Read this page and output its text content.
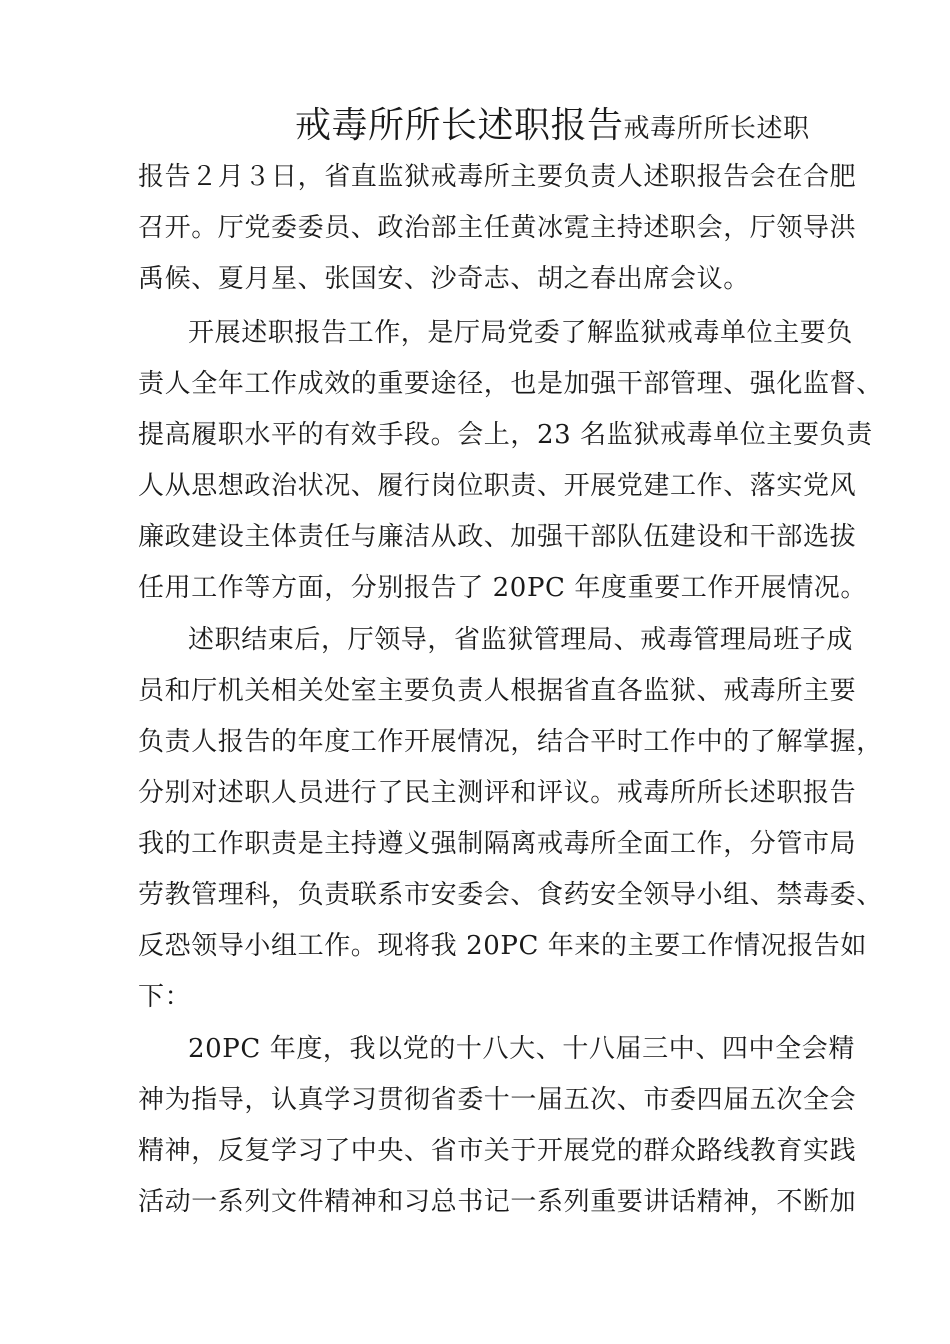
戒毒所所长述职报告戒毒所所长述职
报告２月３日，省直监狱戒毒所主要负责人述职报告会在合肥
召开。厅党委委员、政治部主任黄冰霓主持述职会，厅领导洪
禹候、夏月星、张国安、沙奇志、胡之春出席会议。
开展述职报告工作，是厅局党委了解监狱戒毒单位主要负
责人全年工作成效的重要途径，也是加强干部管理、强化监督、
提高履职水平的有效手段。会上，23 名监狱戒毒单位主要负责
人从思想政治状况、履行岗位职责、开展党建工作、落实党风
廉政建设主体责任与廉洁从政、加强干部队伍建设和干部选拔
任用工作等方面，分别报告了 20PC 年度重要工作开展情况。
述职结束后，厅领导，省监狱管理局、戒毒管理局班子成
员和厅机关相关处室主要负责人根据省直各监狱、戒毒所主要
负责人报告的年度工作开展情况，结合平时工作中的了解掌握，
分别对述职人员进行了民主测评和评议。戒毒所所长述职报告
我的工作职责是主持遵义强制隔离戒毒所全面工作，分管市局
劳教管理科，负责联系市安委会、食药安全领导小组、禁毒委、
反恐领导小组工作。现将我 20PC 年来的主要工作情况报告如
下：
20PC 年度，我以党的十八大、十八届三中、四中全会精
神为指导，认真学习贯彻省委十一届五次、市委四届五次全会
精神，反复学习了中央、省市关于开展党的群众路线教育实践
活动一系列文件精神和习总书记一系列重要讲话精神，不断加
